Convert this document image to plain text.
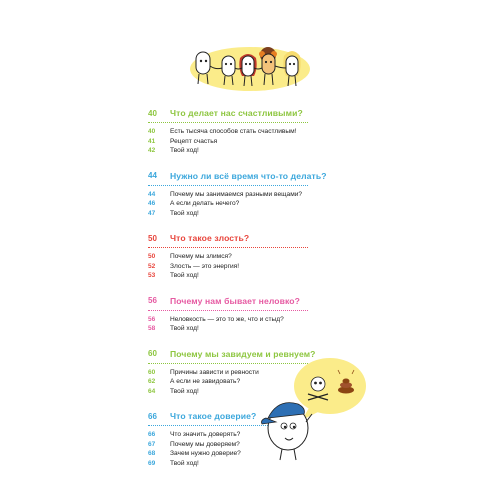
40	Что делает нас счастливыми?
40	Есть тысяча способов стать счастливым!
41	Рецепт счастья
42	Твой ход!
44	Нужно ли всё время что-то делать?
44	Почему мы занимаемся разными вещами?
46	А если делать нечего?
47	Твой ход!
50	Что такое злость?
50	Почему мы злимся?
52	Злость — это энергия!
53	Твой ход!
56	Почему нам бывает неловко?
56	Неловкость — это то же, что и стыд?
58	Твой ход!
60	Почему мы завидуем и ревнуем?
60	Причины зависти и ревности
62	А если не завидовать?
64	Твой ход!
66	Что такое доверие?
66	Что значить доверять?
67	Почему мы доверяем?
68	Зачем нужно доверие?
69	Твой ход!
